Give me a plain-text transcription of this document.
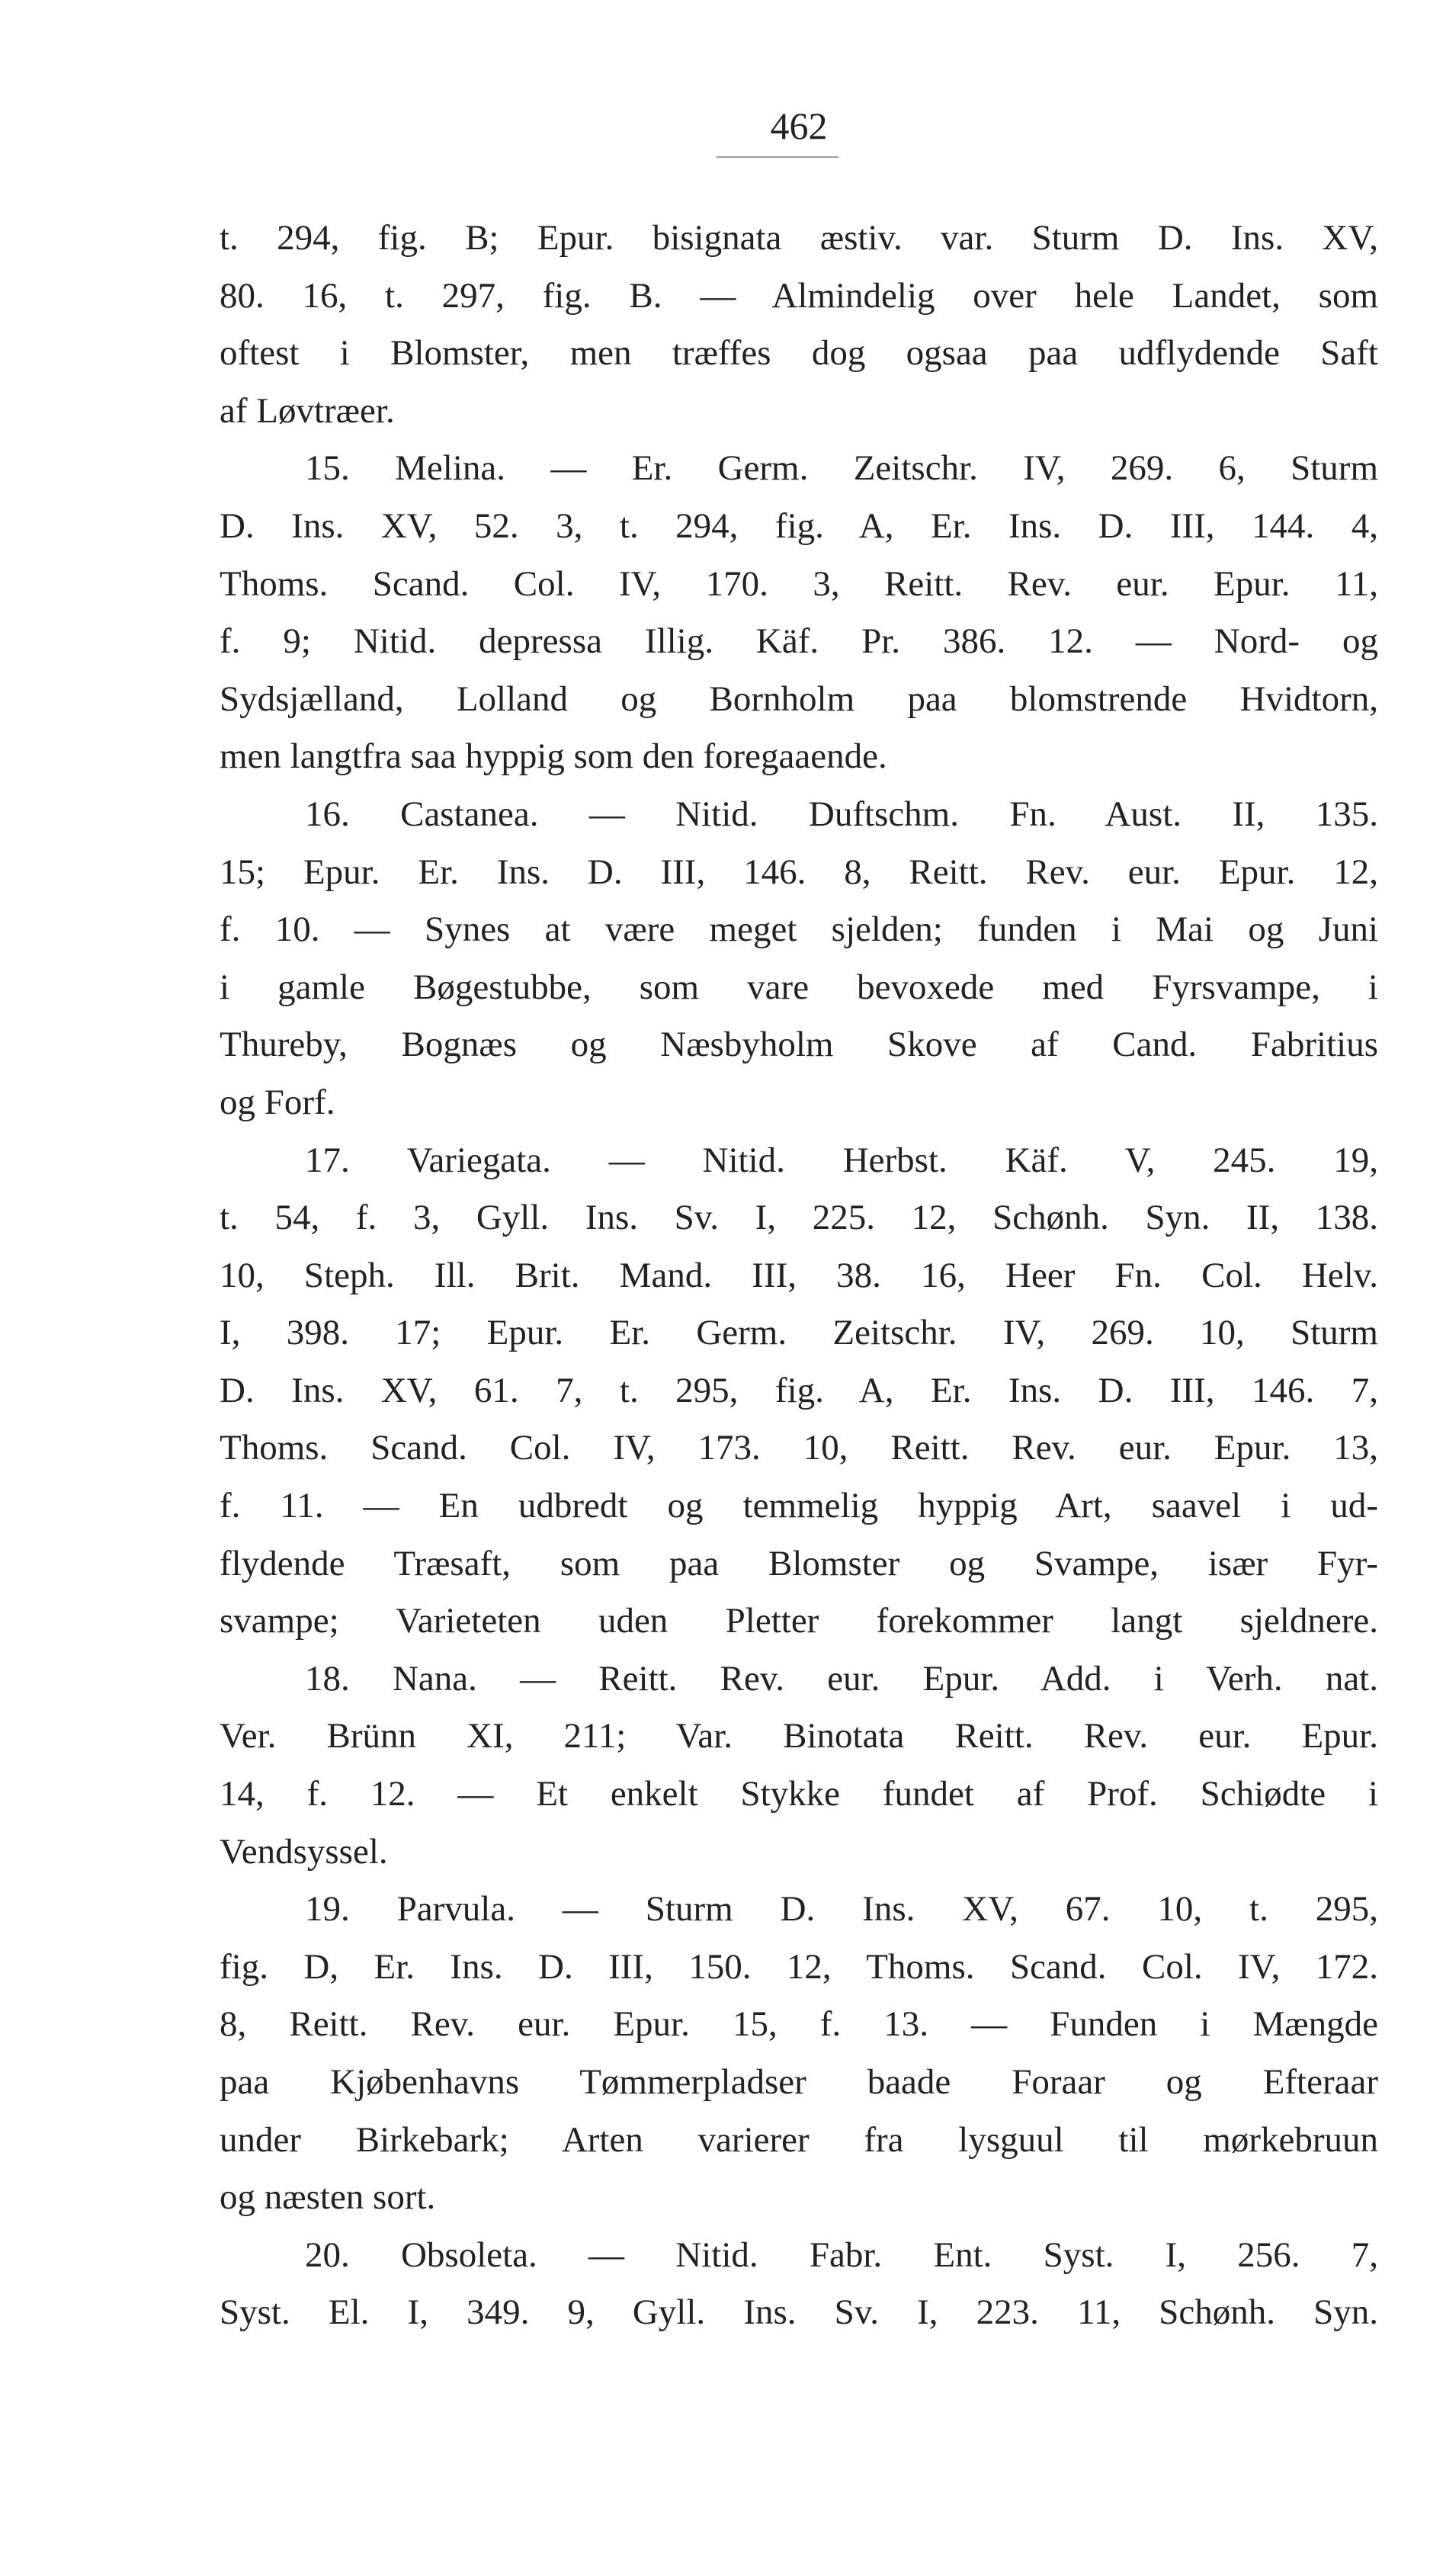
462
t. 294, fig. B; Epur. bisignata æstiv. var. Sturm D. Ins. XV,
80. 16, t. 297, fig. B. — Almindelig over hele Landet, som
oftest i Blomster, men træffes dog ogsaa paa udflydende Saft
af Løvtræer.
15. Melina. — Er. Germ. Zeitschr. IV, 269. 6, Sturm
D. Ins. XV, 52. 3, t. 294, fig. A, Er. Ins. D. III, 144. 4,
Thoms. Scand. Col. IV, 170. 3, Reitt. Rev. eur. Epur. 11,
f. 9; Nitid. depressa Illig. Käf. Pr. 386. 12. — Nord- og
Sydsjælland, Lolland og Bornholm paa blomstrende Hvidtorn,
men langtfra saa hyppig som den foregaaende.
16. Castanea. — Nitid. Duftschm. Fn. Aust. II, 135.
15; Epur. Er. Ins. D. III, 146. 8, Reitt. Rev. eur. Epur. 12,
f. 10. — Synes at være meget sjelden; funden i Mai og Juni
i gamle Bøgestubbe, som vare bevoxede med Fyrsvampe, i
Thureby, Bognæs og Næsbyholm Skove af Cand. Fabritius
og Forf.
17. Variegata. — Nitid. Herbst. Käf. V, 245. 19,
t. 54, f. 3, Gyll. Ins. Sv. I, 225. 12, Schønh. Syn. II, 138.
10, Steph. Ill. Brit. Mand. III, 38. 16, Heer Fn. Col. Helv.
I, 398. 17; Epur. Er. Germ. Zeitschr. IV, 269. 10, Sturm
D. Ins. XV, 61. 7, t. 295, fig. A, Er. Ins. D. III, 146. 7,
Thoms. Scand. Col. IV, 173. 10, Reitt. Rev. eur. Epur. 13,
f. 11. — En udbredt og temmelig hyppig Art, saavel i ud-
flydende Træsaft, som paa Blomster og Svampe, især Fyr-
svampe; Varieteten uden Pletter forekommer langt sjeldnere.
18. Nana. — Reitt. Rev. eur. Epur. Add. i Verh. nat.
Ver. Brünn XI, 211; Var. Binotata Reitt. Rev. eur. Epur.
14, f. 12. — Et enkelt Stykke fundet af Prof. Schiødte i
Vendsyssel.
19. Parvula. — Sturm D. Ins. XV, 67. 10, t. 295,
fig. D, Er. Ins. D. III, 150. 12, Thoms. Scand. Col. IV, 172.
8, Reitt. Rev. eur. Epur. 15, f. 13. — Funden i Mængde
paa Kjøbenhavns Tømmerpladser baade Foraar og Efteraar
under Birkebark; Arten varierer fra lysguul til mørkebruun
og næsten sort.
20. Obsoleta. — Nitid. Fabr. Ent. Syst. I, 256. 7,
Syst. El. I, 349. 9, Gyll. Ins. Sv. I, 223. 11, Schønh. Syn.
